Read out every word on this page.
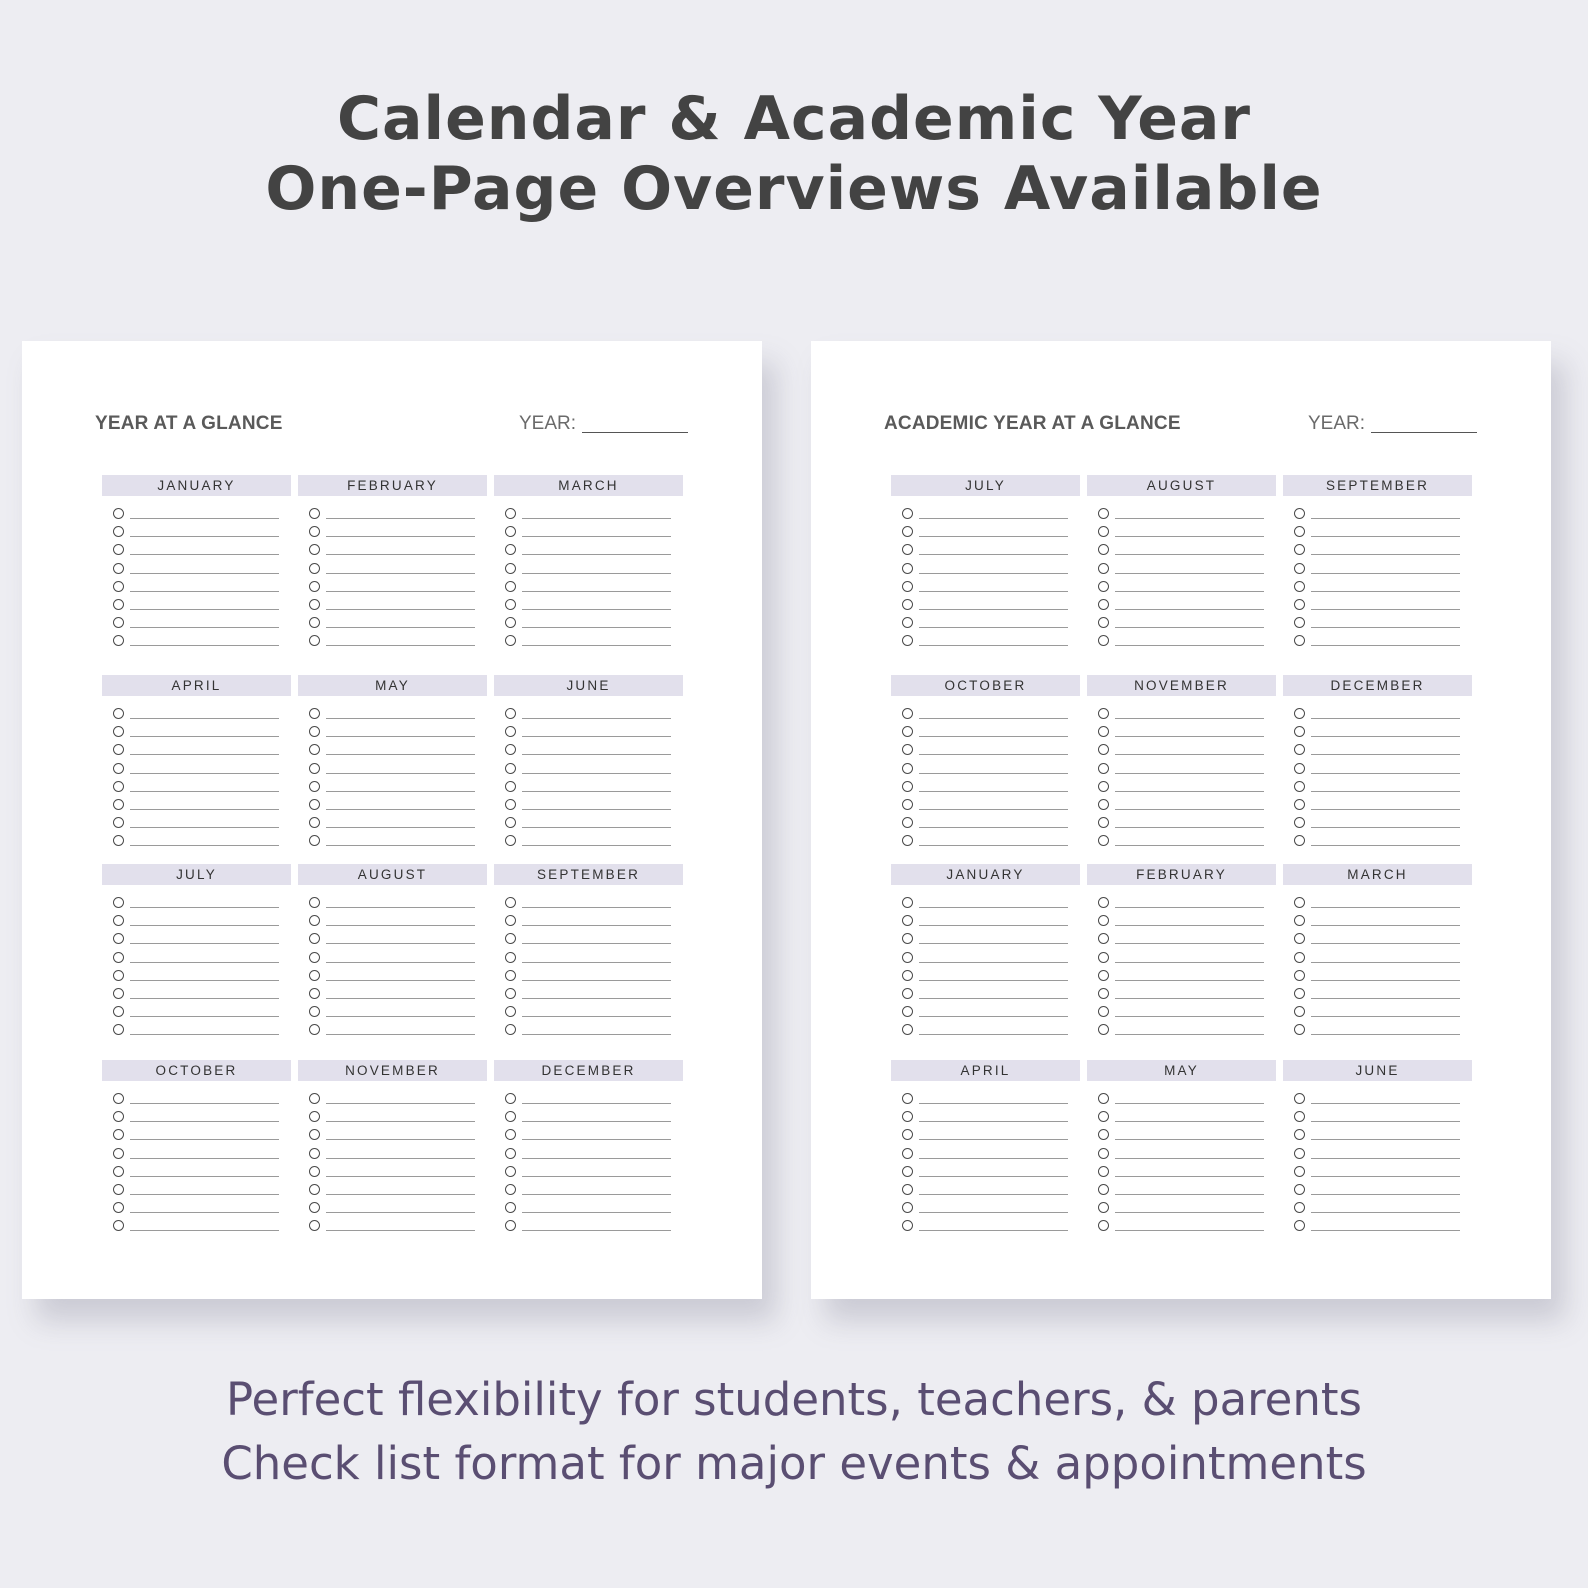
Calendar & Academic Year
One-Page Overviews Available
YEAR AT A GLANCE	YEAR:
JANUARY	FEBRUARY	MARCH
APRIL	MAY	JUNE
JULY	AUGUST	SEPTEMBER
OCTOBER	NOVEMBER	DECEMBER
ACADEMIC YEAR AT A GLANCE	YEAR:
JULY	AUGUST	SEPTEMBER
OCTOBER	NOVEMBER	DECEMBER
JANUARY	FEBRUARY	MARCH
APRIL	MAY	JUNE
Perfect flexibility for students, teachers, & parents
Check list format for major events & appointments
